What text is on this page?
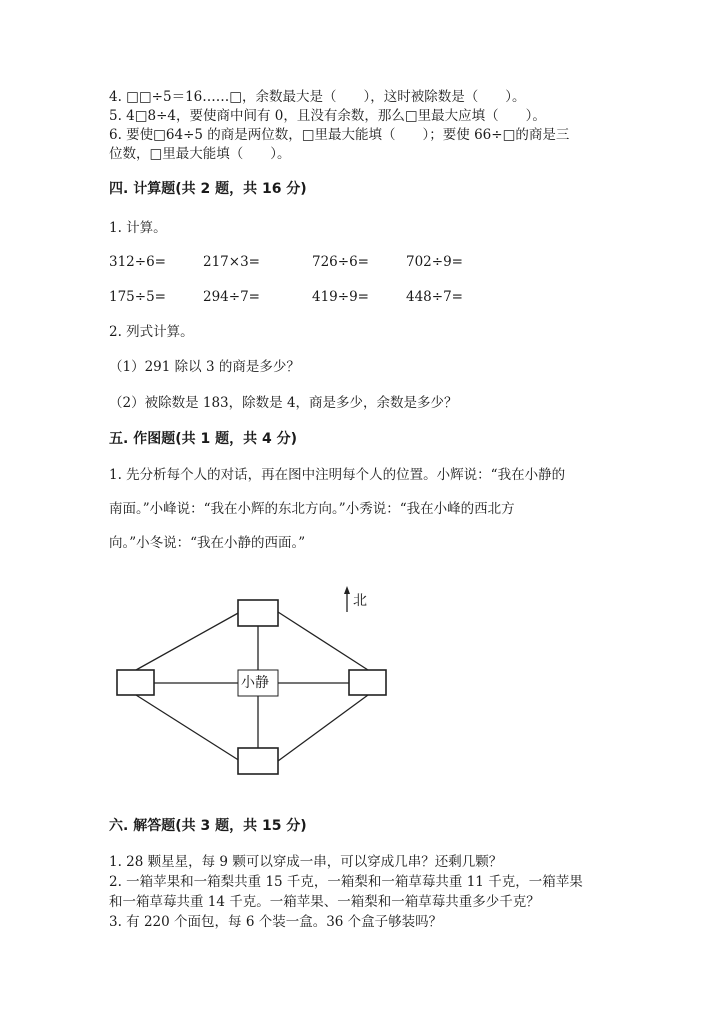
4. □□÷5＝16……□，余数最大是（　　），这时被除数是（　　）。
5. 4□8÷4，要使商中间有 0，且没有余数，那么□里最大应填（　　）。
6. 要使□64÷5 的商是两位数，□里最大能填（　　）；要使 66÷□的商是三
位数，□里最大能填（　　）。
四. 计算题(共 2 题，共 16 分)
1. 计算。
312÷6=	217×3=	726÷6=	702÷9=
175÷5=	294÷7=	419÷9=	448÷7=
2. 列式计算。
（1）291 除以 3 的商是多少？
（2）被除数是 183，除数是 4，商是多少，余数是多少？
五. 作图题(共 1 题，共 4 分)
1. 先分析每个人的对话，再在图中注明每个人的位置。小辉说：“我在小静的
南面。”小峰说：“我在小辉的东北方向。”小秀说：“我在小峰的西北方
向。”小冬说：“我在小静的西面。”
小静
北
六. 解答题(共 3 题，共 15 分)
1. 28 颗星星，每 9 颗可以穿成一串，可以穿成几串？还剩几颗？
2. 一箱苹果和一箱梨共重 15 千克，一箱梨和一箱草莓共重 11 千克，一箱苹果
和一箱草莓共重 14 千克。一箱苹果、一箱梨和一箱草莓共重多少千克？
3. 有 220 个面包，每 6 个装一盒。36 个盒子够装吗？
